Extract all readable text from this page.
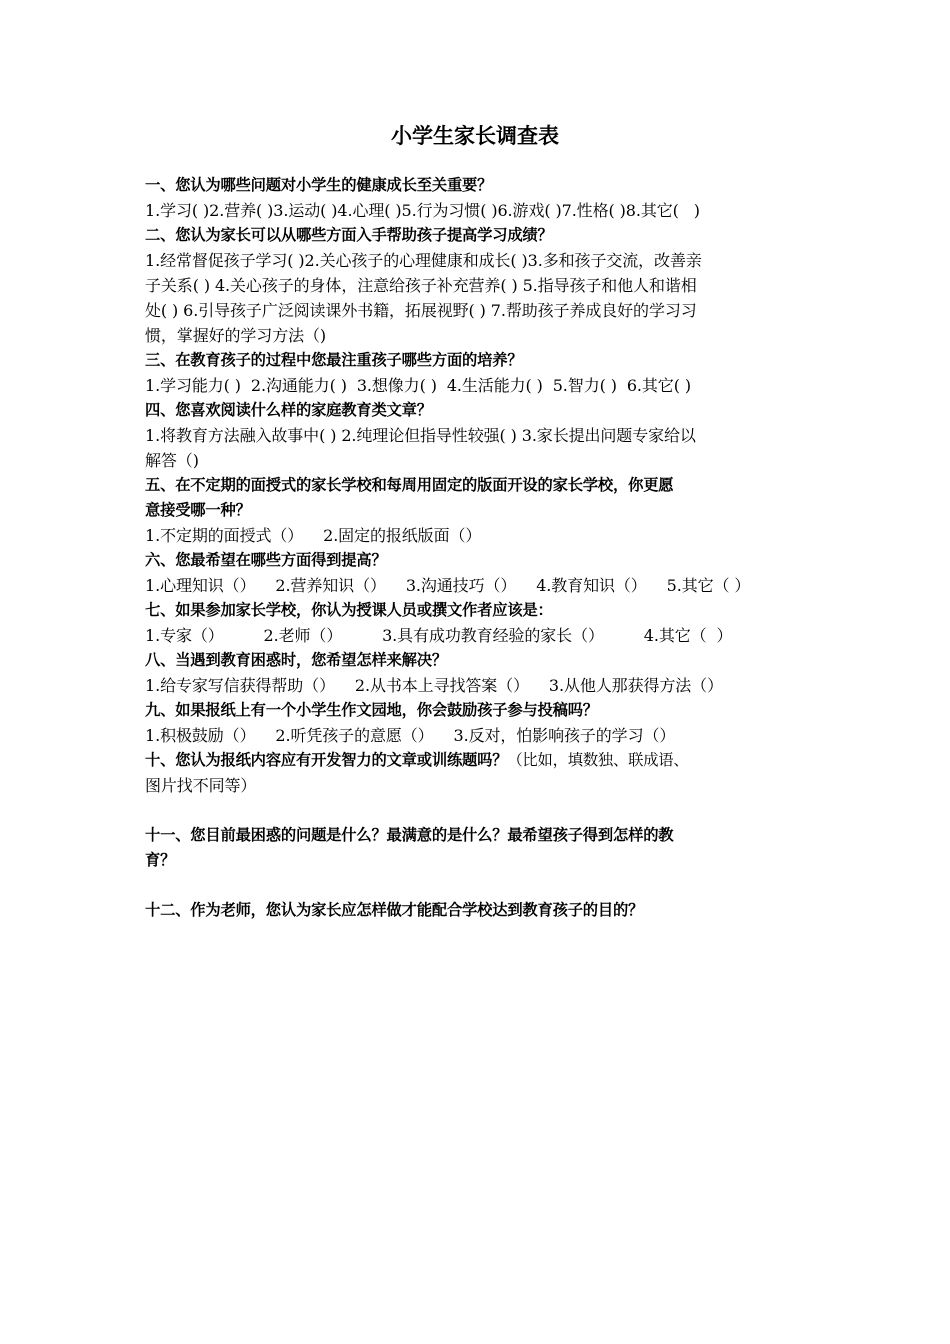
小学生家长调查表
一、您认为哪些问题对小学生的健康成长至关重要？
1.学习( )2.营养( )3.运动( )4.心理( )5.行为习惯( )6.游戏( )7.性格( )8.其它(   )
二、您认为家长可以从哪些方面入手帮助孩子提高学习成绩？
1.经常督促孩子学习( )2.关心孩子的心理健康和成长( )3.多和孩子交流，改善亲
子关系( ) 4.关心孩子的身体，注意给孩子补充营养( ) 5.指导孩子和他人和谐相
处( ) 6.引导孩子广泛阅读课外书籍，拓展视野( ) 7.帮助孩子养成良好的学习习
惯，掌握好的学习方法（)
三、在教育孩子的过程中您最注重孩子哪些方面的培养？
1.学习能力( )  2.沟通能力( )  3.想像力( )  4.生活能力( )  5.智力( )  6.其它( )
四、您喜欢阅读什么样的家庭教育类文章？
1.将教育方法融入故事中( ) 2.纯理论但指导性较强( ) 3.家长提出问题专家给以
解答（)
五、在不定期的面授式的家长学校和每周用固定的版面开设的家长学校，你更愿
意接受哪一种？
1.不定期的面授式（）    2.固定的报纸版面（）
六、您最希望在哪些方面得到提高？
1.心理知识（）    2.营养知识（）    3.沟通技巧（）    4.教育知识（）    5.其它（ ）
七、如果参加家长学校，你认为授课人员或撰文作者应该是：
1.专家（）        2.老师（）        3.具有成功教育经验的家长（）        4.其它（  ）
八、当遇到教育困惑时，您希望怎样来解决？
1.给专家写信获得帮助（）    2.从书本上寻找答案（）    3.从他人那获得方法（）
九、如果报纸上有一个小学生作文园地，你会鼓励孩子参与投稿吗？
1.积极鼓励（）    2.听凭孩子的意愿（）    3.反对，怕影响孩子的学习（）
十、您认为报纸内容应有开发智力的文章或训练题吗？（比如，填数独、联成语、
图片找不同等）
十一、您目前最困惑的问题是什么？最满意的是什么？最希望孩子得到怎样的教
育？
十二、作为老师，您认为家长应怎样做才能配合学校达到教育孩子的目的？
